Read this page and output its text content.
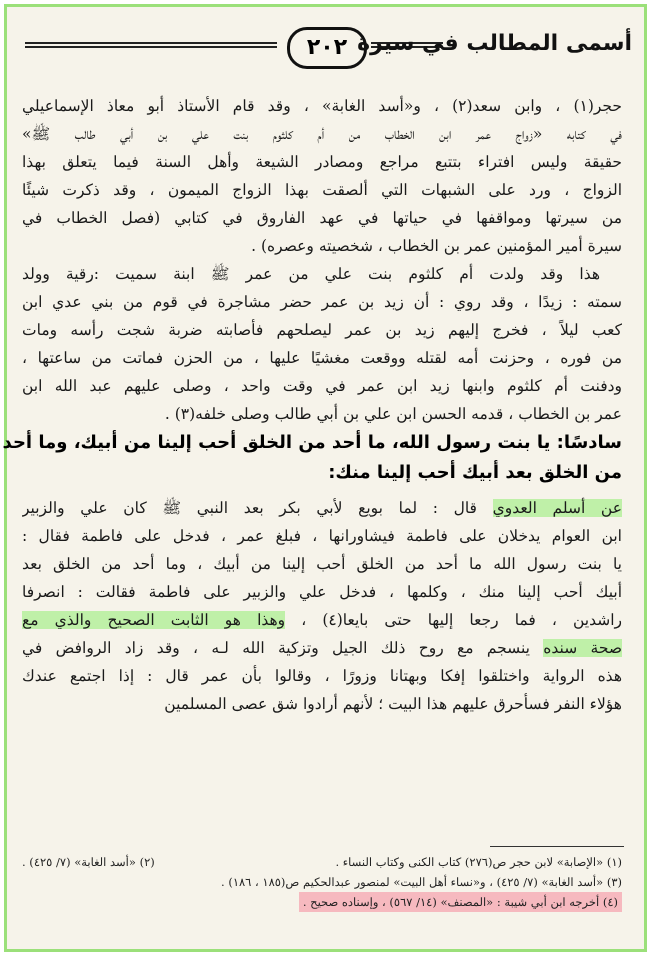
٢٠٢ أسمى المطالب في سيرة
حجر(١) ، وابن سعد(٢) ، و«أسد الغابة» ، وقد قام الأستاذ أبو معاذ الإسماعيلي
في كتابه «زواج عمر ابن الخطاب من أم كلثوم بنت علي بن أبي طالب ﷺ»
حقيقة وليس افتراء بتتبع مراجع ومصادر الشيعة وأهل السنة فيما يتعلق بهذا
الزواج ، ورد على الشبهات التي ألصقت بهذا الزواج الميمون ، وقد ذكرت شيئًا
من سيرتها ومواقفها في حياتها في عهد الفاروق في كتابي (فصل الخطاب في
سيرة أمير المؤمنين عمر بن الخطاب ، شخصيته وعصره) .
هذا وقد ولدت أم كلثوم بنت علي من عمر ﷺ ابنة سميت :رقية وولد
سمته : زيدًا ، وقد روي : أن زيد بن عمر حضر مشاجرة في قوم من بني عدي ابن
كعب ليلاً ، فخرج إليهم زيد بن عمر ليصلحهم فأصابته ضربة شجت رأسه ومات
من فوره ، وحزنت أمه لقتله ووقعت مغشيًا عليها ، من الحزن فماتت من ساعتها ،
ودفنت أم كلثوم وابنها زيد ابن عمر في وقت واحد ، وصلى عليهم عبد الله ابن
عمر بن الخطاب ، قدمه الحسن ابن علي بن أبي طالب وصلى خلفه(٣) .
سادسًا: يا بنت رسول الله، ما أحد من الخلق أحب إلينا من أبيك، وما أحد
من الخلق بعد أبيك أحب إلينا منك:
عن أسلم العدوي قال : لما بويع لأبي بكر بعد النبي ﷺ كان علي والزبير
ابن العوام يدخلان على فاطمة فيشاورانها ، فبلغ عمر ، فدخل على فاطمة فقال :
يا بنت رسول الله ما أحد من الخلق أحب إلينا من أبيك ، وما أحد من الخلق بعد
أبيك أحب إلينا منك ، وكلمها ، فدخل علي والزبير على فاطمة فقالت : انصرفا
راشدين ، فما رجعا إليها حتى بايعا(٤) ، وهذا هو الثابت الصحيح والذي مع
صحة سنده ينسجم مع روح ذلك الجيل وتزكية الله لـه ، وقد زاد الروافض في
هذه الرواية واختلقوا إفكا وبهتانا وزورًا ، وقالوا بأن عمر قال : إذا اجتمع عندك
هؤلاء النفر فسأحرق عليهم هذا البيت ؛ لأنهم أرادوا شق عصى المسلمين
(١) «الإصابة» لابن حجر ص(٢٧٦) كتاب الكنى وكتاب النساء .
(٢) «أسد الغابة» (٧/ ٤٢٥) .
(٣) «أسد الغابة» (٧/ ٤٢٥) ، و«نساء أهل البيت» لمنصور عبدالحكيم ص(١٨٥ ، ١٨٦) .
(٤) أخرجه ابن أبي شيبة : «المصنف» (١٤/ ٥٦٧) ، وإسناده صحيح .
